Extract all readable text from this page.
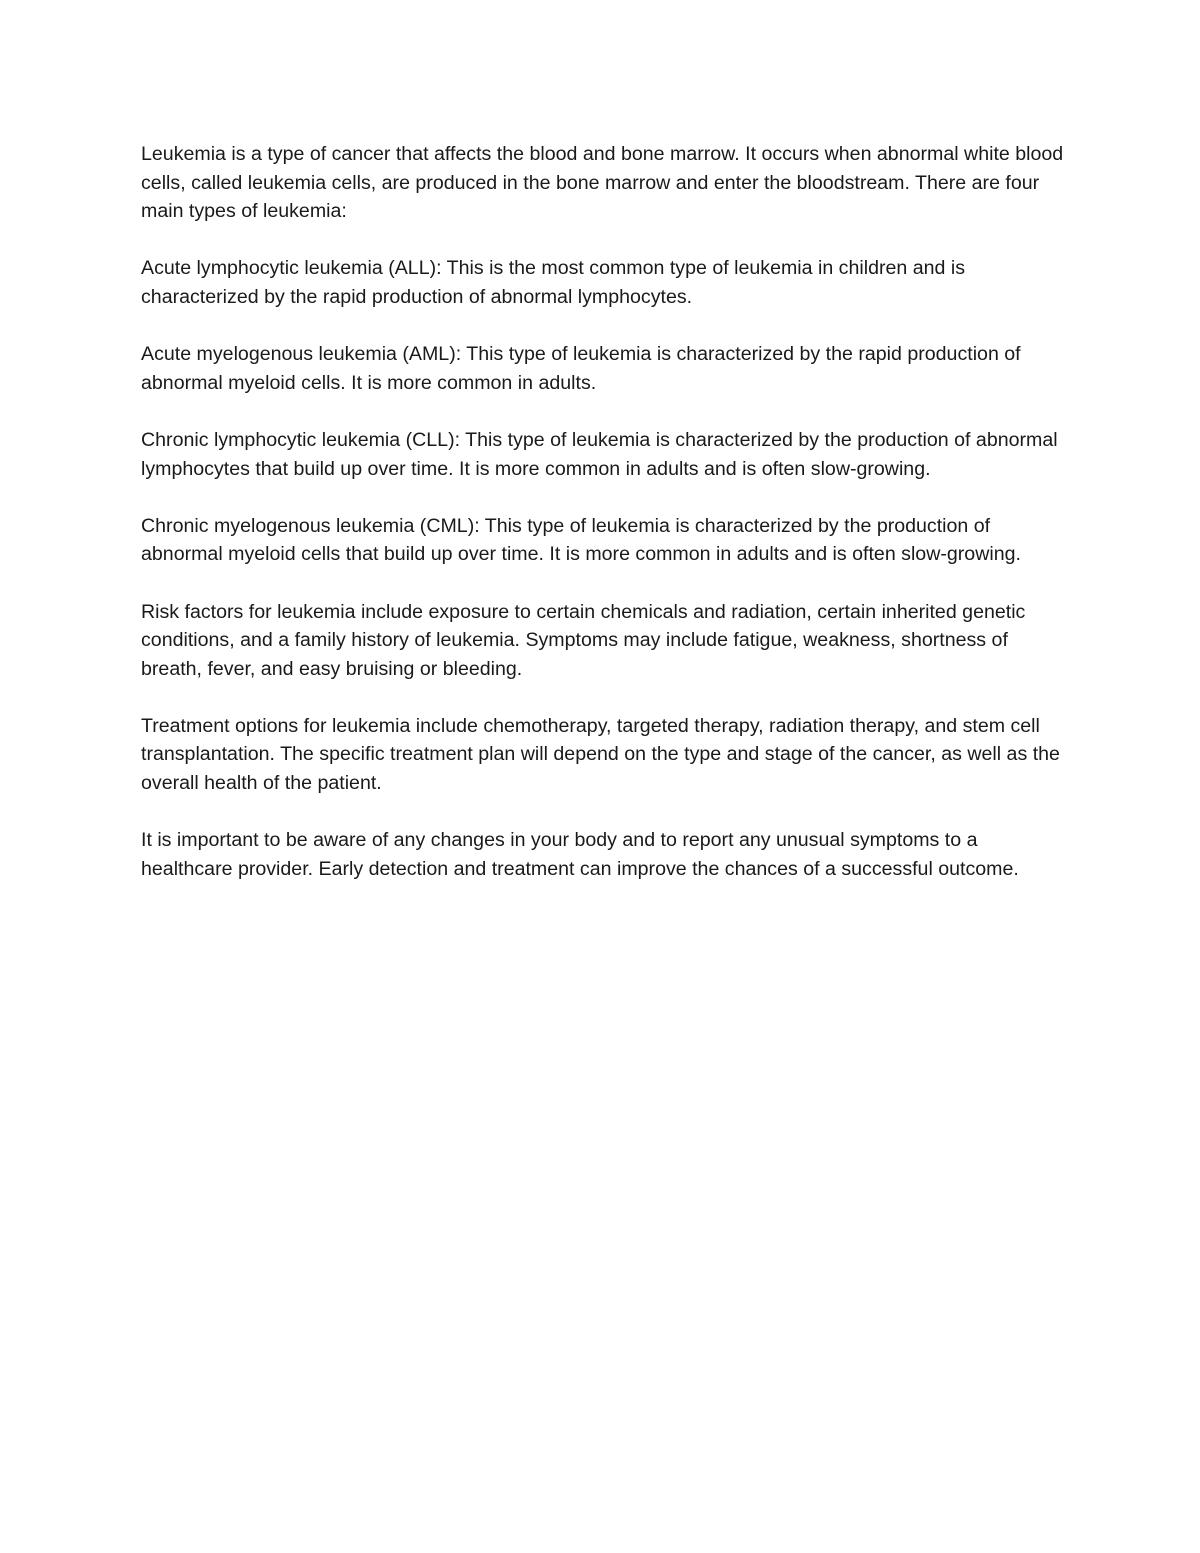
Leukemia is a type of cancer that affects the blood and bone marrow. It occurs when abnormal white blood cells, called leukemia cells, are produced in the bone marrow and enter the bloodstream. There are four main types of leukemia:

Acute lymphocytic leukemia (ALL): This is the most common type of leukemia in children and is characterized by the rapid production of abnormal lymphocytes.

Acute myelogenous leukemia (AML): This type of leukemia is characterized by the rapid production of abnormal myeloid cells. It is more common in adults.

Chronic lymphocytic leukemia (CLL): This type of leukemia is characterized by the production of abnormal lymphocytes that build up over time. It is more common in adults and is often slow-growing.

Chronic myelogenous leukemia (CML): This type of leukemia is characterized by the production of abnormal myeloid cells that build up over time. It is more common in adults and is often slow-growing.

Risk factors for leukemia include exposure to certain chemicals and radiation, certain inherited genetic conditions, and a family history of leukemia. Symptoms may include fatigue, weakness, shortness of breath, fever, and easy bruising or bleeding.

Treatment options for leukemia include chemotherapy, targeted therapy, radiation therapy, and stem cell transplantation. The specific treatment plan will depend on the type and stage of the cancer, as well as the overall health of the patient.

It is important to be aware of any changes in your body and to report any unusual symptoms to a healthcare provider. Early detection and treatment can improve the chances of a successful outcome.
